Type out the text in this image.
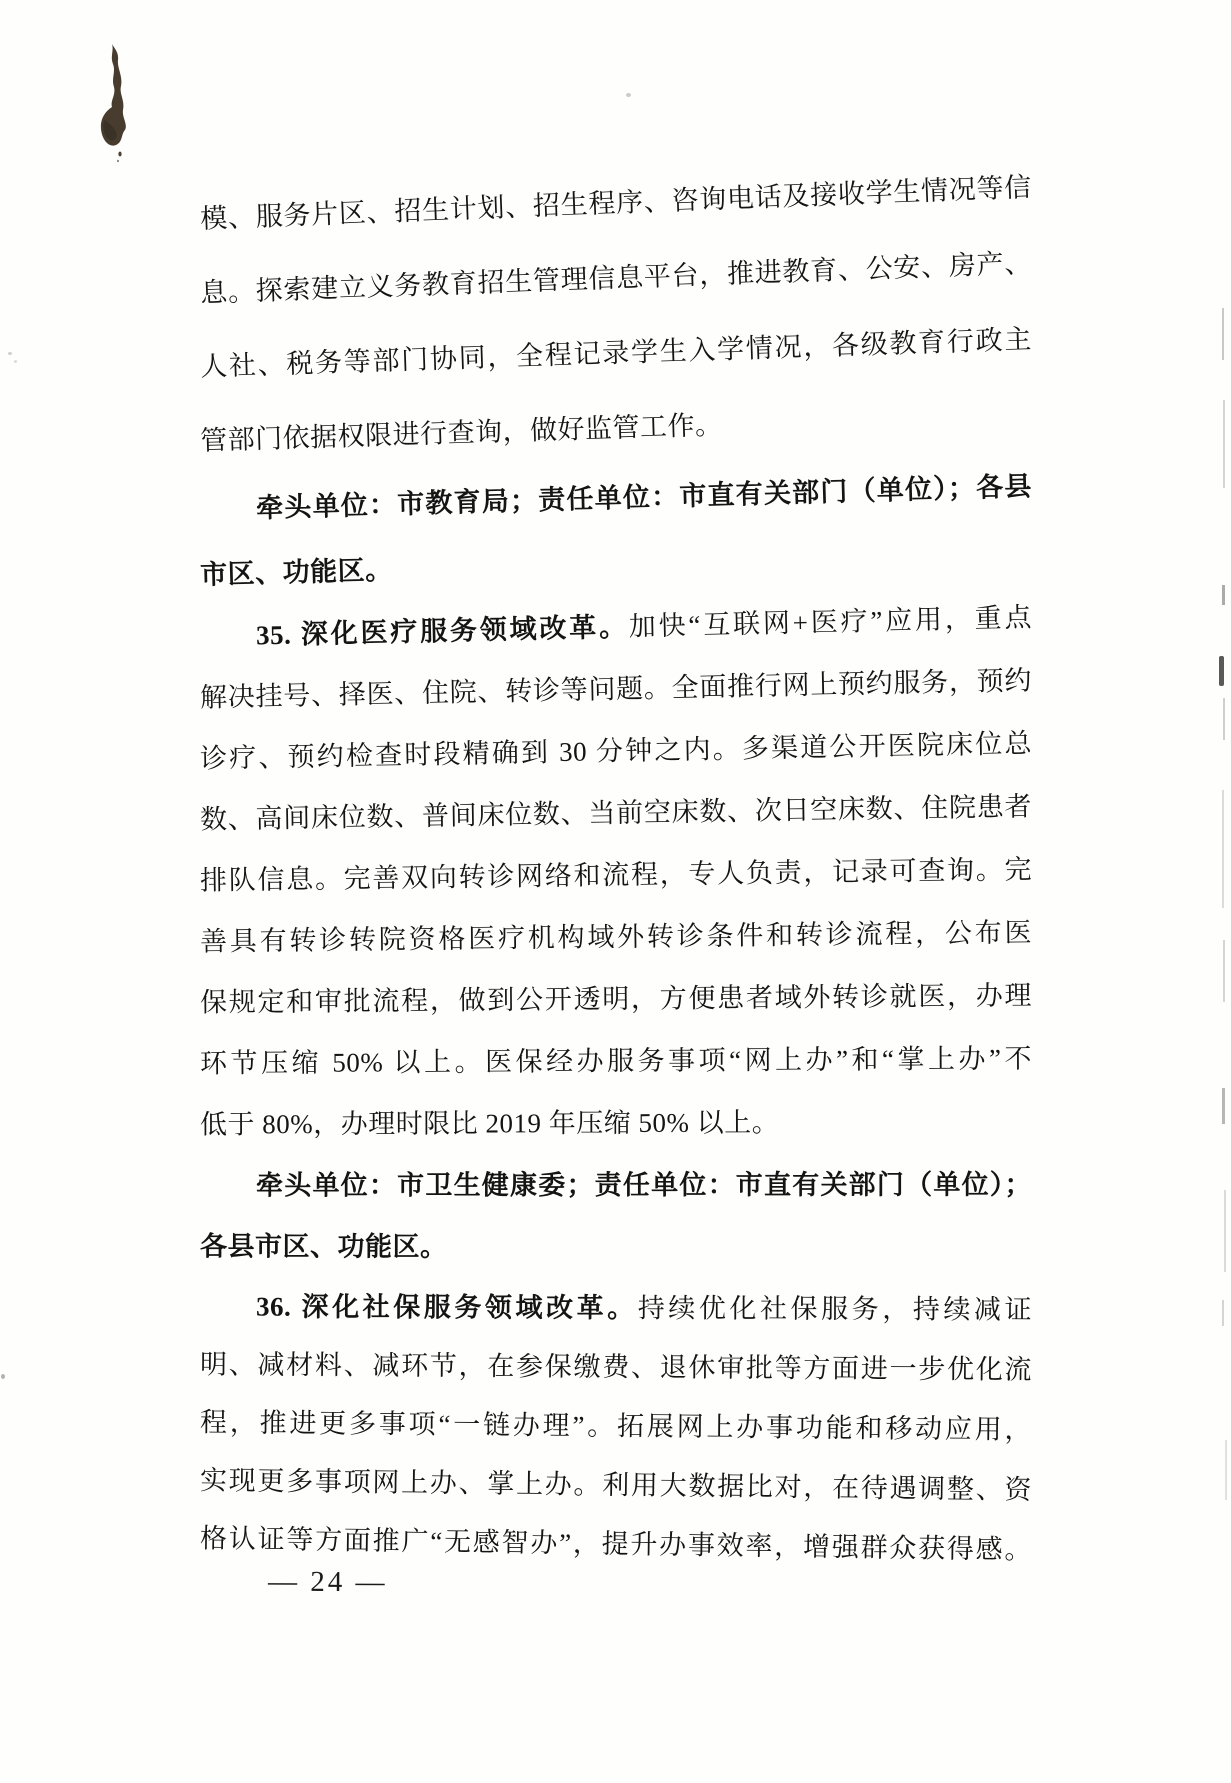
模、服务片区、招生计划、招生程序、咨询电话及接收学生情况等信
息。探索建立义务教育招生管理信息平台，推进教育、公安、房产、
人社、税务等部门协同，全程记录学生入学情况，各级教育行政主
管部门依据权限进行查询，做好监管工作。
牵头单位：市教育局；责任单位：市直有关部门（单位）；各县
市区、功能区。
35. 深化医疗服务领域改革。加快“互联网+医疗”应用，重点
解决挂号、择医、住院、转诊等问题。全面推行网上预约服务，预约
诊疗、预约检查时段精确到 30 分钟之内。多渠道公开医院床位总
数、高间床位数、普间床位数、当前空床数、次日空床数、住院患者
排队信息。完善双向转诊网络和流程，专人负责，记录可查询。完
善具有转诊转院资格医疗机构域外转诊条件和转诊流程，公布医
保规定和审批流程，做到公开透明，方便患者域外转诊就医，办理
环节压缩 50% 以上。医保经办服务事项“网上办”和“掌上办”不
低于 80%，办理时限比 2019 年压缩 50% 以上。
牵头单位：市卫生健康委；责任单位：市直有关部门（单位）；
各县市区、功能区。
36. 深化社保服务领域改革。持续优化社保服务，持续减证
明、减材料、减环节，在参保缴费、退休审批等方面进一步优化流
程，推进更多事项“一链办理”。拓展网上办事功能和移动应用，
实现更多事项网上办、掌上办。利用大数据比对，在待遇调整、资
格认证等方面推广“无感智办”，提升办事效率，增强群众获得感。
— 24 —
